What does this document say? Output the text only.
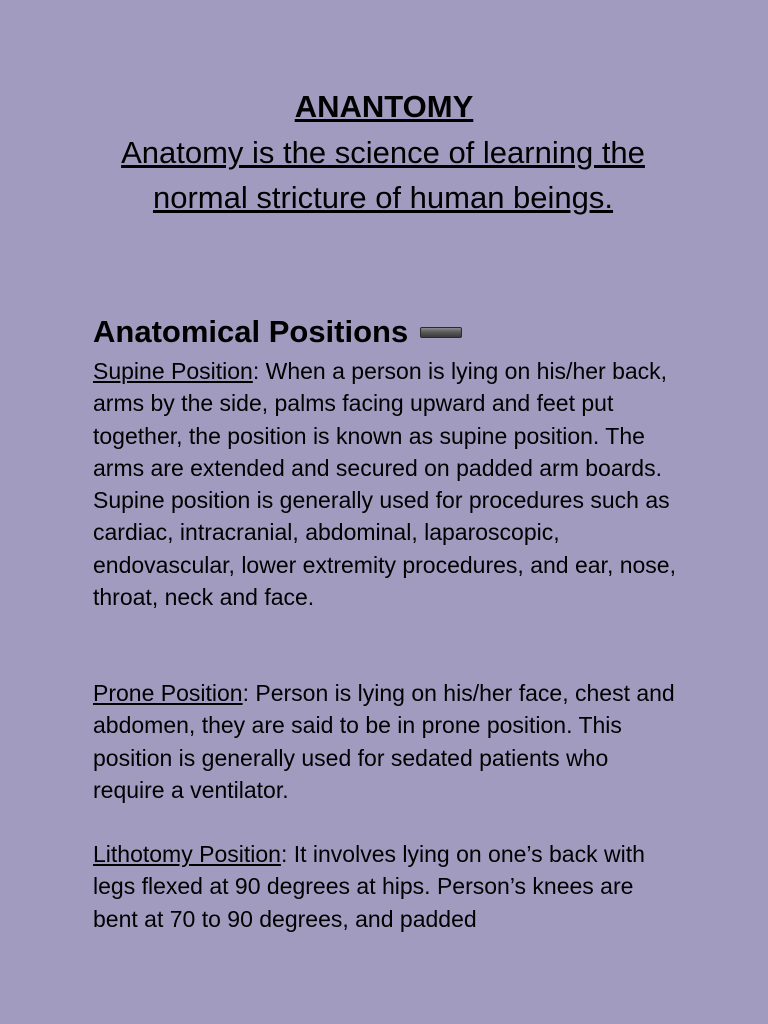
ANANTOMY

Anatomy is the science of learning the normal stricture of human beings.

Anatomical Positions

Supine Position: When a person is lying on his/her back, arms by the side, palms facing upward and feet put together, the position is known as supine position. The arms are extended and secured on padded arm boards. Supine position is generally used for procedures such as cardiac, intracranial, abdominal, laparoscopic, endovascular, lower extremity procedures, and ear, nose, throat, neck and face.

Prone Position: Person is lying on his/her face, chest and abdomen, they are said to be in prone position. This position is generally used for sedated patients who require a ventilator.

Lithotomy Position: It involves lying on one’s back with legs flexed at 90 degrees at hips. Person’s knees are bent at 70 to 90 degrees, and padded
